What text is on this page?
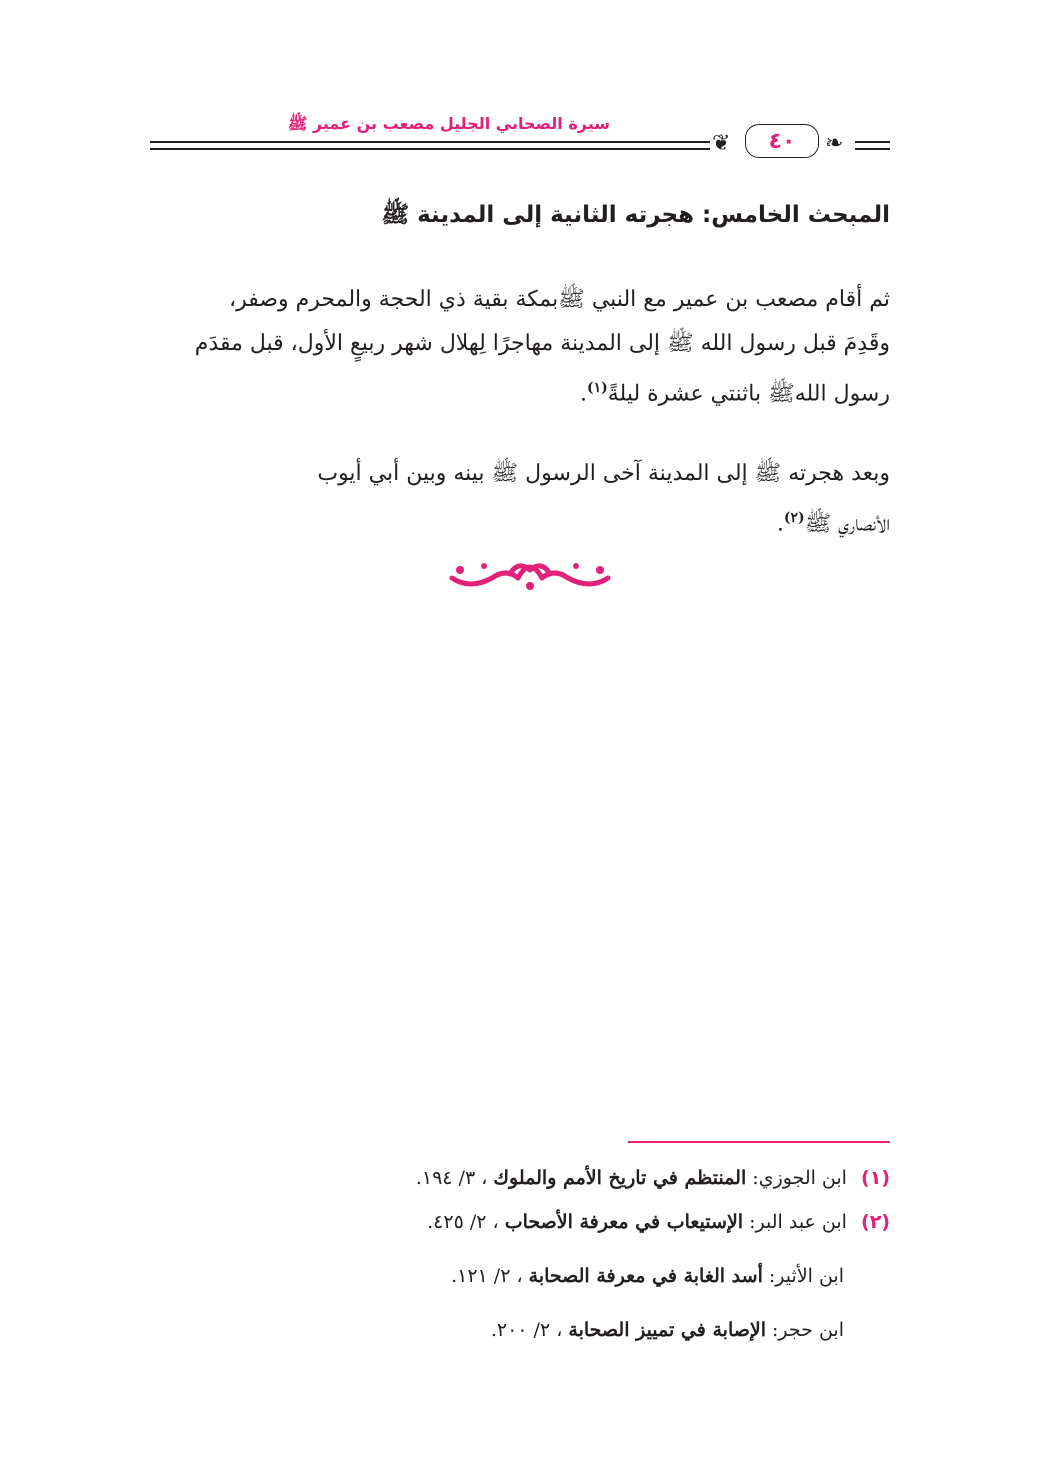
سيرة الصحابي الجليل مصعب بن عمير ﷺ
❦	❧
٤٠
المبحث الخامس: هجرته الثانية إلى المدينة ﷺ
ثم أقام مصعب بن عمير مع النبي ﷺبمكة بقية ذي الحجة والمحرم وصفر،
وقَدِمَ قبل رسول الله ﷺ إلى المدينة مهاجرًا لِهلال شهر ربيعٍ الأول، قبل مقدَم
رسول اللهﷺ باثنتي عشرة ليلةً$^{(١)}$.
وبعد هجرته ﷺ إلى المدينة آخى الرسول ﷺ بينه وبين أبي أيوب
الأنصاري ﷺ$^{(٢)}$.
(١) ابن الجوزي: المنتظم في تاريخ الأمم والملوك ، ٣/ ١٩٤.
(٢) ابن عبد البر: الإستيعاب في معرفة الأصحاب ، ٢/ ٤٢٥.
ابن الأثير: أسد الغابة في معرفة الصحابة ، ٢/ ١٢١.
ابن حجر: الإصابة في تمييز الصحابة ، ٢/ ٢٠٠.
